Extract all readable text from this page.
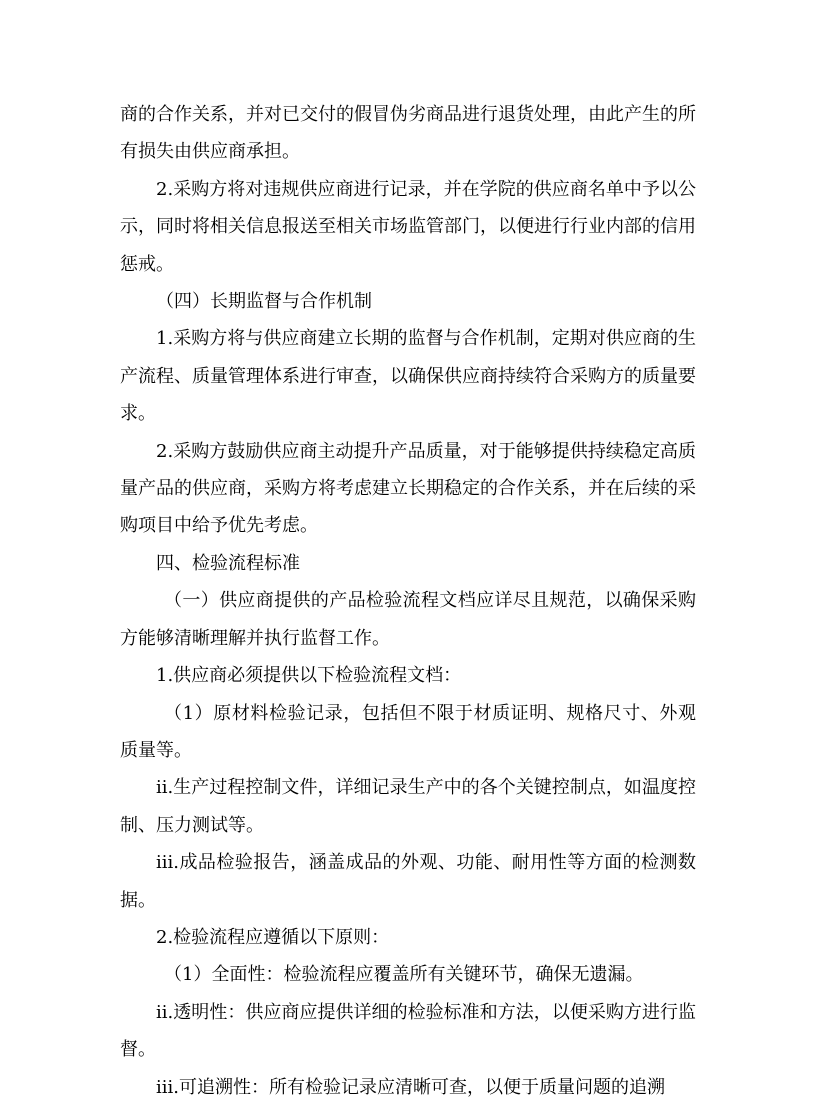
商的合作关系，并对已交付的假冒伪劣商品进行退货处理，由此产生的所有损失由供应商承担。

2.采购方将对违规供应商进行记录，并在学院的供应商名单中予以公示，同时将相关信息报送至相关市场监管部门，以便进行行业内部的信用惩戒。

（四）长期监督与合作机制

1.采购方将与供应商建立长期的监督与合作机制，定期对供应商的生产流程、质量管理体系进行审查，以确保供应商持续符合采购方的质量要求。

2.采购方鼓励供应商主动提升产品质量，对于能够提供持续稳定高质量产品的供应商，采购方将考虑建立长期稳定的合作关系，并在后续的采购项目中给予优先考虑。

四、检验流程标准

（一）供应商提供的产品检验流程文档应详尽且规范，以确保采购方能够清晰理解并执行监督工作。

1.供应商必须提供以下检验流程文档：

（1）原材料检验记录，包括但不限于材质证明、规格尺寸、外观质量等。

ii.生产过程控制文件，详细记录生产中的各个关键控制点，如温度控制、压力测试等。

iii.成品检验报告，涵盖成品的外观、功能、耐用性等方面的检测数据。

2.检验流程应遵循以下原则：

（1）全面性：检验流程应覆盖所有关键环节，确保无遗漏。

ii.透明性：供应商应提供详细的检验标准和方法，以便采购方进行监督。

iii.可追溯性：所有检验记录应清晰可查，以便于质量问题的追溯
